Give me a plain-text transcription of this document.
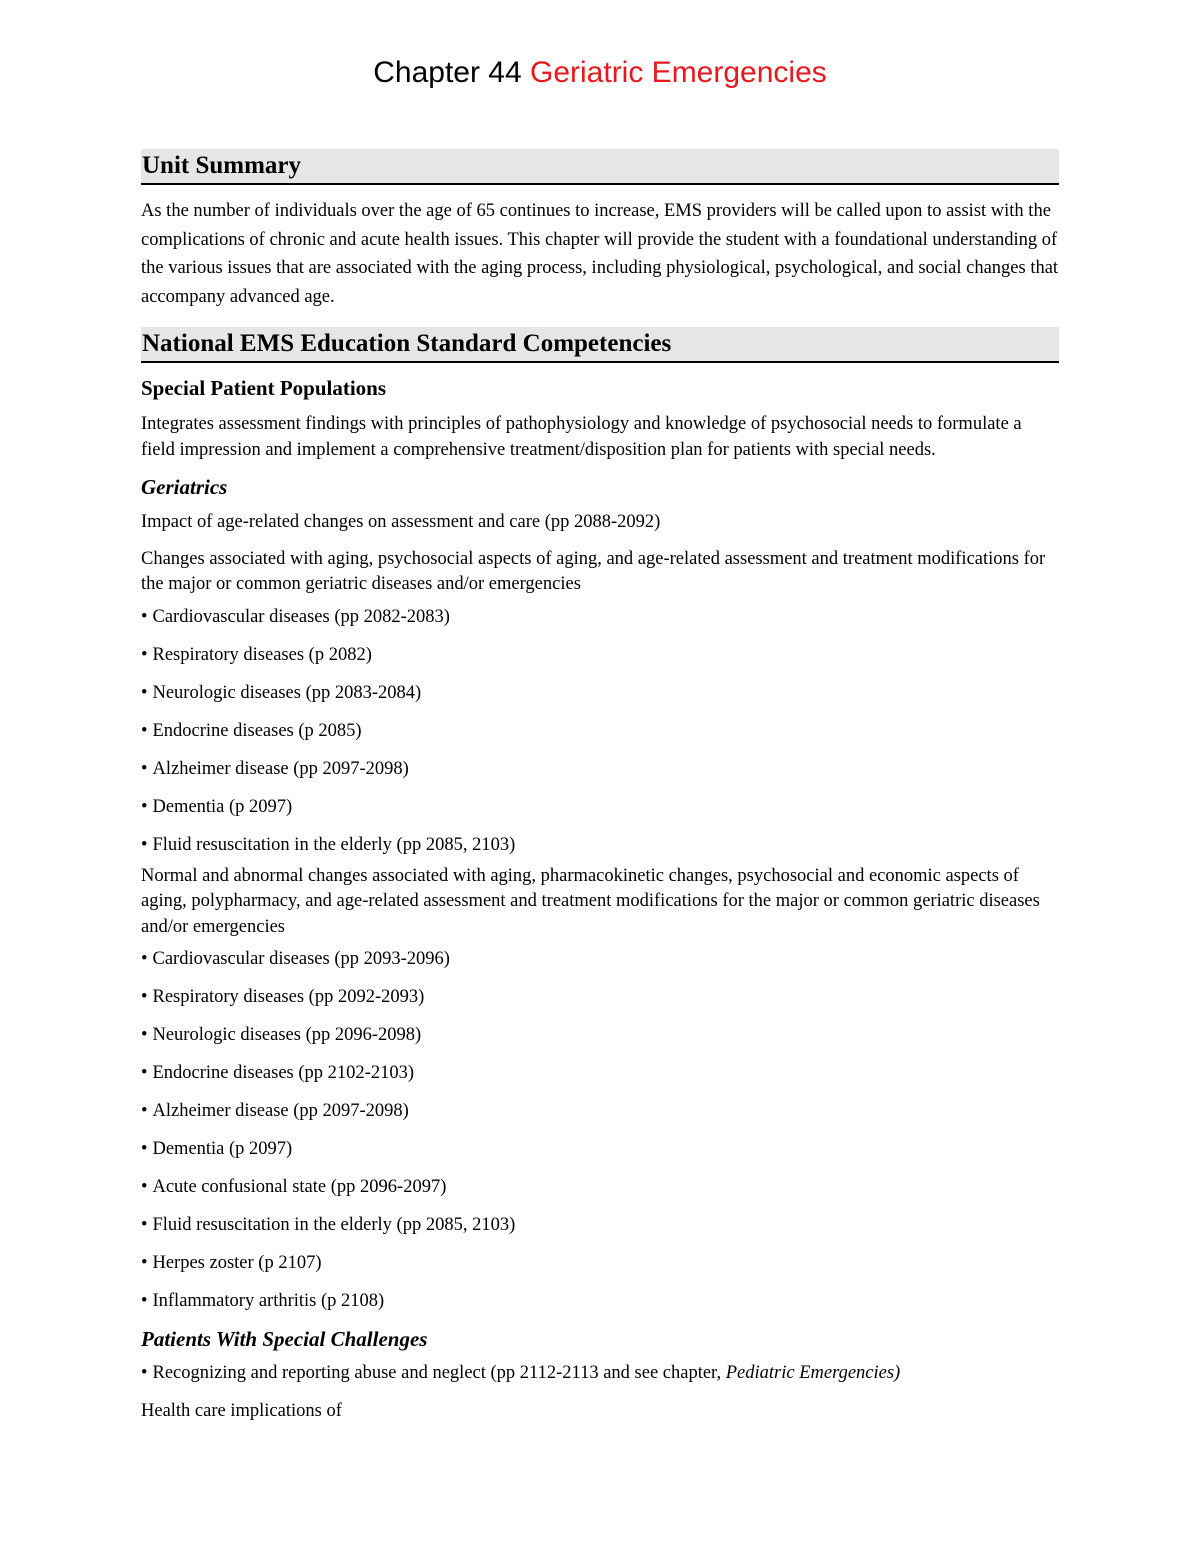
Chapter 44 Geriatric Emergencies
Unit Summary

As the number of individuals over the age of 65 continues to increase, EMS providers will be called upon to assist with the complications of chronic and acute health issues. This chapter will provide the student with a foundational understanding of the various issues that are associated with the aging process, including physiological, psychological, and social changes that accompany advanced age.

National EMS Education Standard Competencies

Special Patient Populations

Integrates assessment findings with principles of pathophysiology and knowledge of psychosocial needs to formulate a field impression and implement a comprehensive treatment/disposition plan for patients with special needs.

Geriatrics

Impact of age-related changes on assessment and care (pp 2088-2092)

Changes associated with aging, psychosocial aspects of aging, and age-related assessment and treatment modifications for the major or common geriatric diseases and/or emergencies

• Cardiovascular diseases (pp 2082-2083)

• Respiratory diseases (p 2082)

• Neurologic diseases (pp 2083-2084)

• Endocrine diseases (p 2085)

• Alzheimer disease (pp 2097-2098)

• Dementia (p 2097)

• Fluid resuscitation in the elderly (pp 2085, 2103)

Normal and abnormal changes associated with aging, pharmacokinetic changes, psychosocial and economic aspects of aging, polypharmacy, and age-related assessment and treatment modifications for the major or common geriatric diseases and/or emergencies

• Cardiovascular diseases (pp 2093-2096)

• Respiratory diseases (pp 2092-2093)

• Neurologic diseases (pp 2096-2098)

• Endocrine diseases (pp 2102-2103)

• Alzheimer disease (pp 2097-2098)

• Dementia (p 2097)

• Acute confusional state (pp 2096-2097)

• Fluid resuscitation in the elderly (pp 2085, 2103)

• Herpes zoster (p 2107)

• Inflammatory arthritis (p 2108)

Patients With Special Challenges

• Recognizing and reporting abuse and neglect (pp 2112-2113 and see chapter, Pediatric Emergencies)

Health care implications of
